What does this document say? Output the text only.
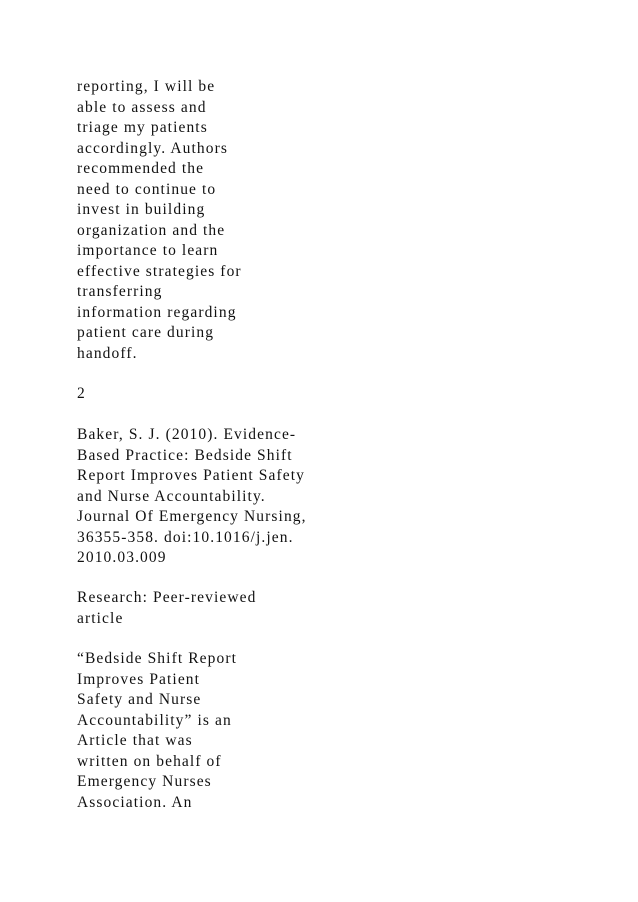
reporting, I will be
able to assess and
triage my patients
accordingly. Authors
recommended the
need to continue to
invest in building
organization and the
importance to learn
effective strategies for
transferring
information regarding
patient care during
handoff.

2

Baker, S. J. (2010). Evidence-
Based Practice: Bedside Shift
Report Improves Patient Safety
and Nurse Accountability.
Journal Of Emergency Nursing,
36355-358. doi:10.1016/j.jen.
2010.03.009

Research: Peer-reviewed
article

“Bedside Shift Report
Improves Patient
Safety and Nurse
Accountability” is an
Article that was
written on behalf of
Emergency Nurses
Association. An
